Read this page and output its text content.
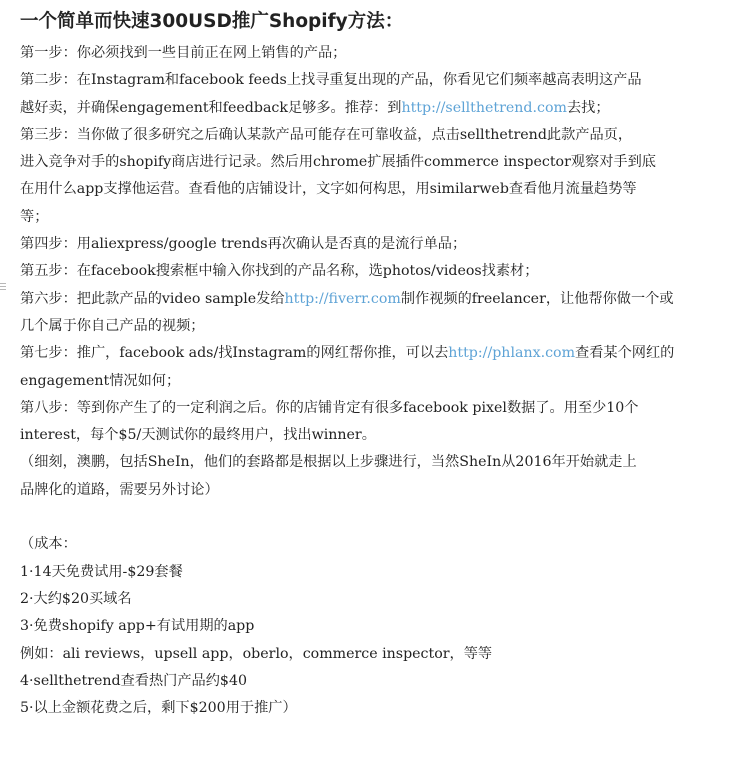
一个简单而快速300USD推广Shopify方法：
第一步：你必须找到一些目前正在网上销售的产品；
第二步：在Instagram和facebook feeds上找寻重复出现的产品，你看见它们频率越高表明这产品
越好卖，并确保engagement和feedback足够多。推荐：到http://sellthetrend.com去找；
第三步：当你做了很多研究之后确认某款产品可能存在可靠收益，点击sellthetrend此款产品页，
进入竞争对手的shopify商店进行记录。然后用chrome扩展插件commerce inspector观察对手到底
在用什么app支撑他运营。查看他的店铺设计，文字如何构思，用similarweb查看他月流量趋势等
等；
第四步：用aliexpress/google trends再次确认是否真的是流行单品；
第五步：在facebook搜索框中输入你找到的产品名称，选photos/videos找素材；
第六步：把此款产品的video sample发给http://fiverr.com制作视频的freelancer，让他帮你做一个或
几个属于你自己产品的视频；
第七步：推广，facebook ads/找Instagram的网红帮你推，可以去http://phlanx.com查看某个网红的
engagement情况如何；
第八步：等到你产生了的一定利润之后。你的店铺肯定有很多facebook pixel数据了。用至少10个
interest，每个$5/天测试你的最终用户，找出winner。
（细刻，澳鹏，包括SheIn，他们的套路都是根据以上步骤进行，当然SheIn从2016年开始就走上
品牌化的道路，需要另外讨论）
（成本：
1·14天免费试用-$29套餐
2·大约$20买域名
3·免费shopify app+有试用期的app
例如：ali reviews，upsell app，oberlo，commerce inspector，等等
4·sellthetrend查看热门产品约$40
5·以上金额花费之后，剩下$200用于推广）
